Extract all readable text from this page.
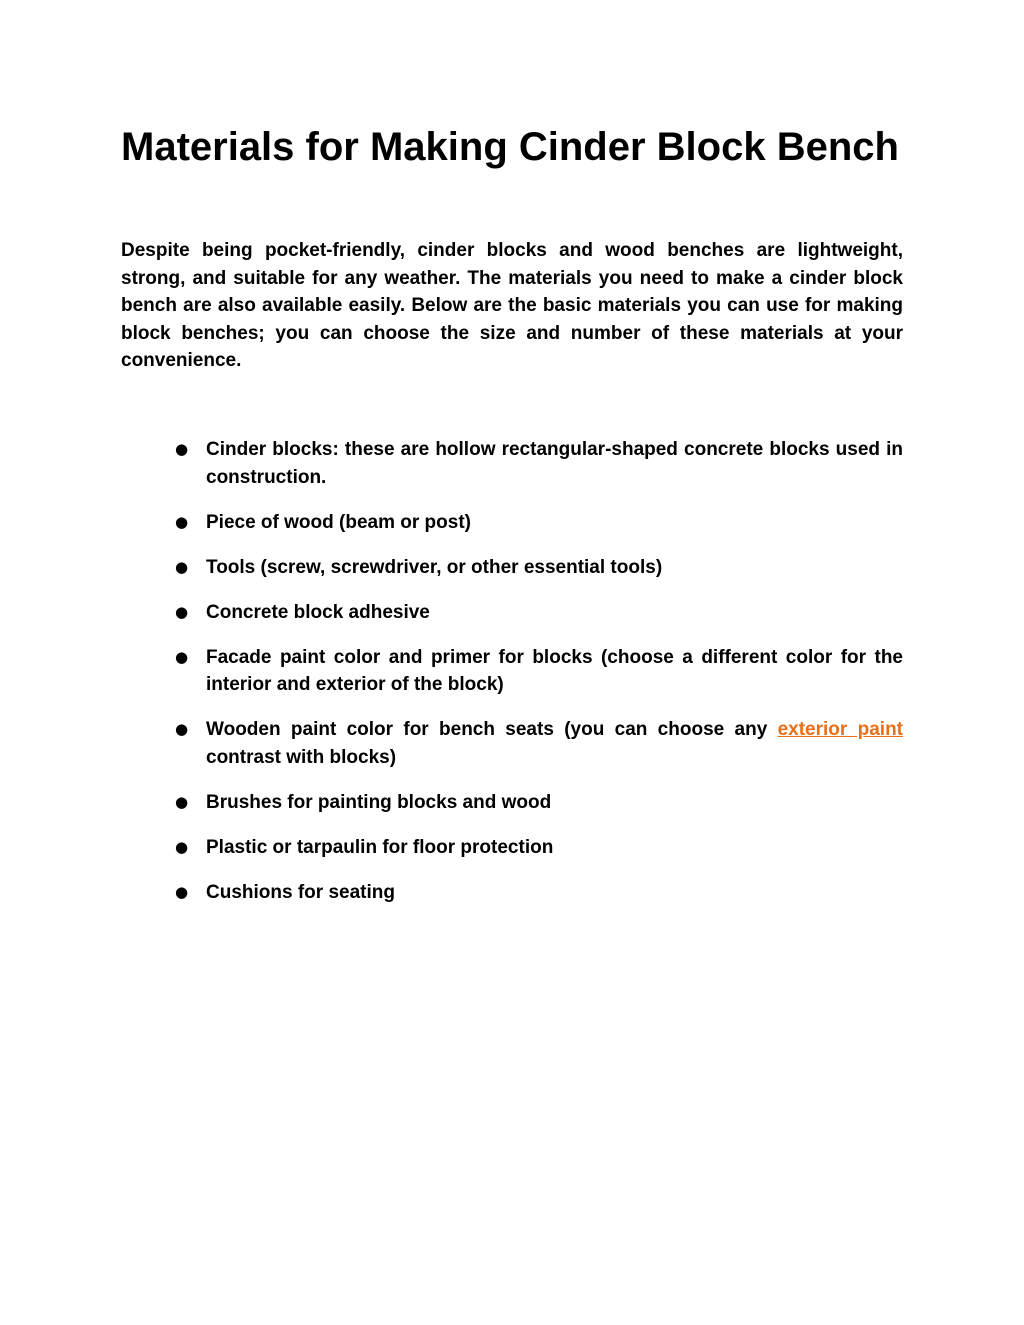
Materials for Making Cinder Block Bench

Despite being pocket-friendly, cinder blocks and wood benches are lightweight, strong, and suitable for any weather. The materials you need to make a cinder block bench are also available easily. Below are the basic materials you can use for making block benches; you can choose the size and number of these materials at your convenience.

● Cinder blocks: these are hollow rectangular-shaped concrete blocks used in construction.
● Piece of wood (beam or post)
● Tools (screw, screwdriver, or other essential tools)
● Concrete block adhesive
● Facade paint color and primer for blocks (choose a different color for the interior and exterior of the block)
● Wooden paint color for bench seats (you can choose any exterior paint contrast with blocks)
● Brushes for painting blocks and wood
● Plastic or tarpaulin for floor protection
● Cushions for seating
